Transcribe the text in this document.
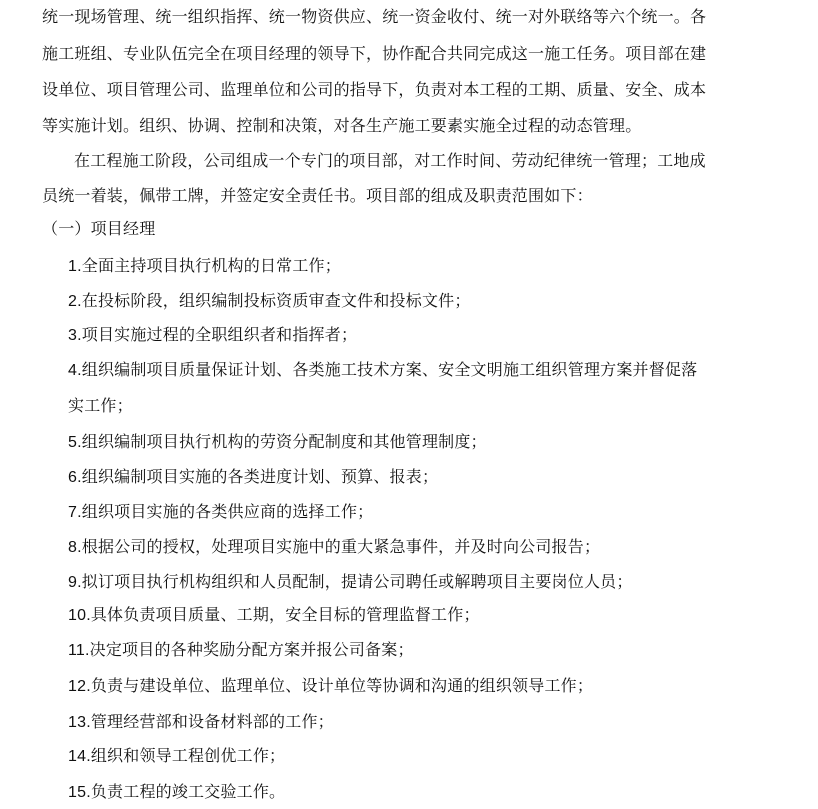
统一现场管理、统一组织指挥、统一物资供应、统一资金收付、统一对外联络等六个统一。各
施工班组、专业队伍完全在项目经理的领导下，协作配合共同完成这一施工任务。项目部在建
设单位、项目管理公司、监理单位和公司的指导下，负责对本工程的工期、质量、安全、成本
等实施计划。组织、协调、控制和决策，对各生产施工要素实施全过程的动态管理。
在工程施工阶段，公司组成一个专门的项目部，对工作时间、劳动纪律统一管理；工地成
员统一着装，佩带工牌，并签定安全责任书。项目部的组成及职责范围如下：
（一）项目经理
1.全面主持项目执行机构的日常工作；
2.在投标阶段，组织编制投标资质审查文件和投标文件；
3.项目实施过程的全职组织者和指挥者；
4.组织编制项目质量保证计划、各类施工技术方案、安全文明施工组织管理方案并督促落
实工作；
5.组织编制项目执行机构的劳资分配制度和其他管理制度；
6.组织编制项目实施的各类进度计划、预算、报表；
7.组织项目实施的各类供应商的选择工作；
8.根据公司的授权，处理项目实施中的重大紧急事件，并及时向公司报告；
9.拟订项目执行机构组织和人员配制，提请公司聘任或解聘项目主要岗位人员；
10.具体负责项目质量、工期，安全目标的管理监督工作；
11.决定项目的各种奖励分配方案并报公司备案；
12.负责与建设单位、监理单位、设计单位等协调和沟通的组织领导工作；
13.管理经营部和设备材料部的工作；
14.组织和领导工程创优工作；
15.负责工程的竣工交验工作。
